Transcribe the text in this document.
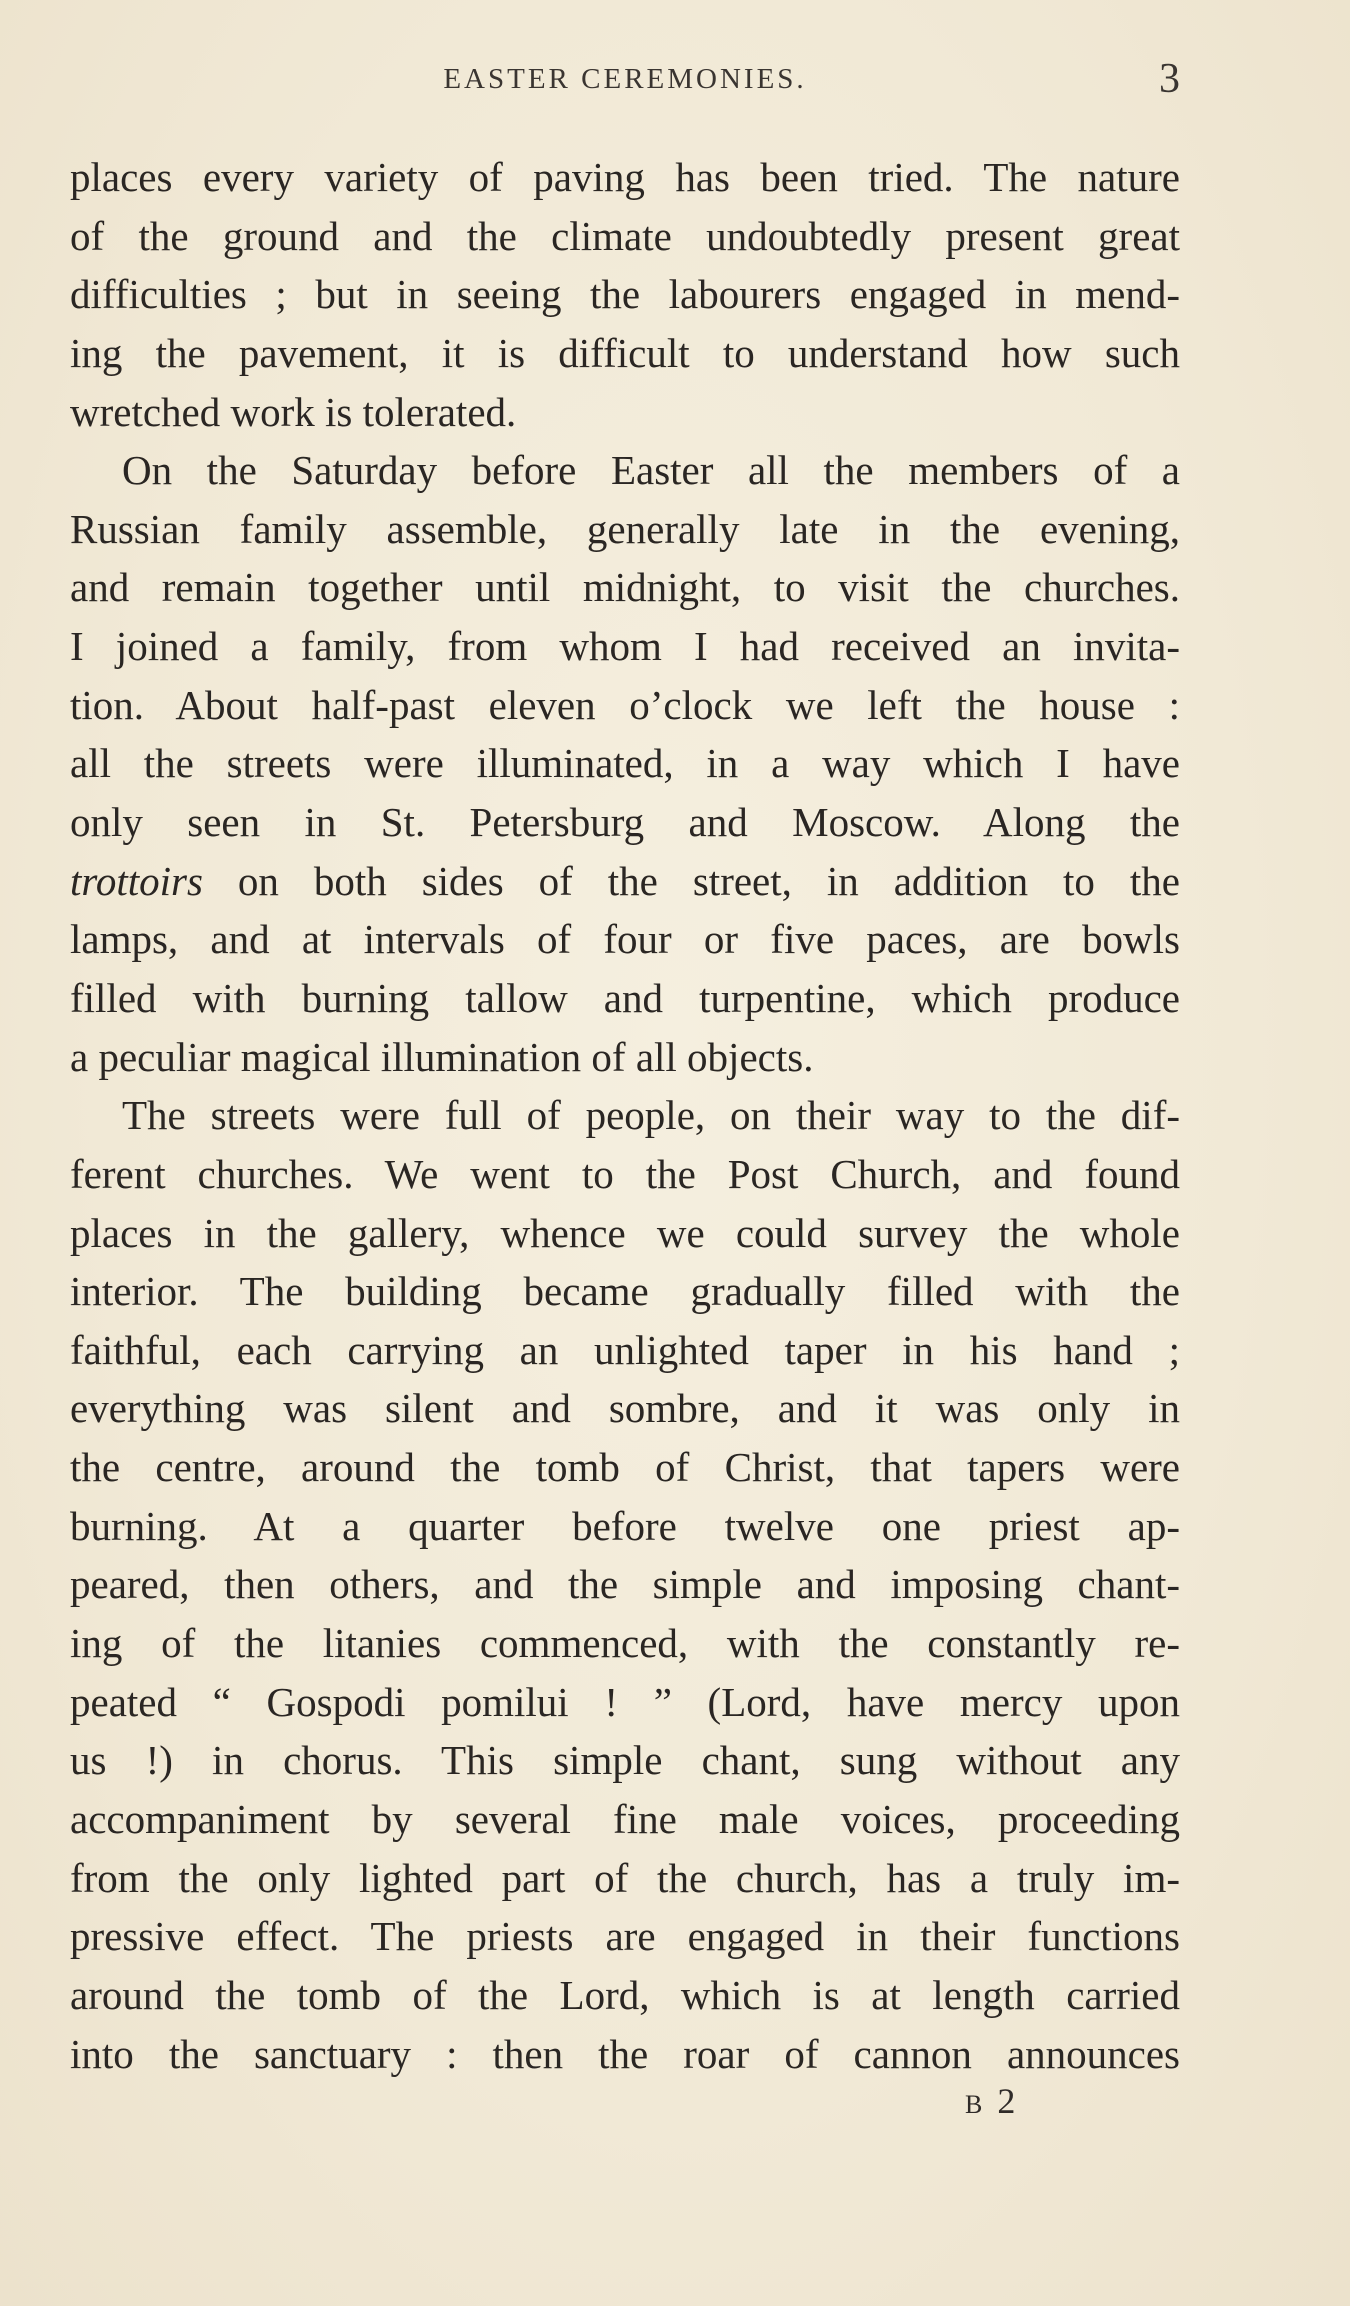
EASTER CEREMONIES.	3
places every variety of paving has been tried. The nature
of the ground and the climate undoubtedly present great
difficulties ; but in seeing the labourers engaged in mend-
ing the pavement, it is difficult to understand how such
wretched work is tolerated.
On the Saturday before Easter all the members of a
Russian family assemble, generally late in the evening,
and remain together until midnight, to visit the churches.
I joined a family, from whom I had received an invita-
tion. About half-past eleven o’clock we left the house :
all the streets were illuminated, in a way which I have
only seen in St. Petersburg and Moscow. Along the
trottoirs on both sides of the street, in addition to the
lamps, and at intervals of four or five paces, are bowls
filled with burning tallow and turpentine, which produce
a peculiar magical illumination of all objects.
The streets were full of people, on their way to the dif-
ferent churches. We went to the Post Church, and found
places in the gallery, whence we could survey the whole
interior. The building became gradually filled with the
faithful, each carrying an unlighted taper in his hand ;
everything was silent and sombre, and it was only in
the centre, around the tomb of Christ, that tapers were
burning. At a quarter before twelve one priest ap-
peared, then others, and the simple and imposing chant-
ing of the litanies commenced, with the constantly re-
peated “ Gospodi pomilui ! ” (Lord, have mercy upon
us !) in chorus. This simple chant, sung without any
accompaniment by several fine male voices, proceeding
from the only lighted part of the church, has a truly im-
pressive effect. The priests are engaged in their functions
around the tomb of the Lord, which is at length carried
into the sanctuary : then the roar of cannon announces
B 2
